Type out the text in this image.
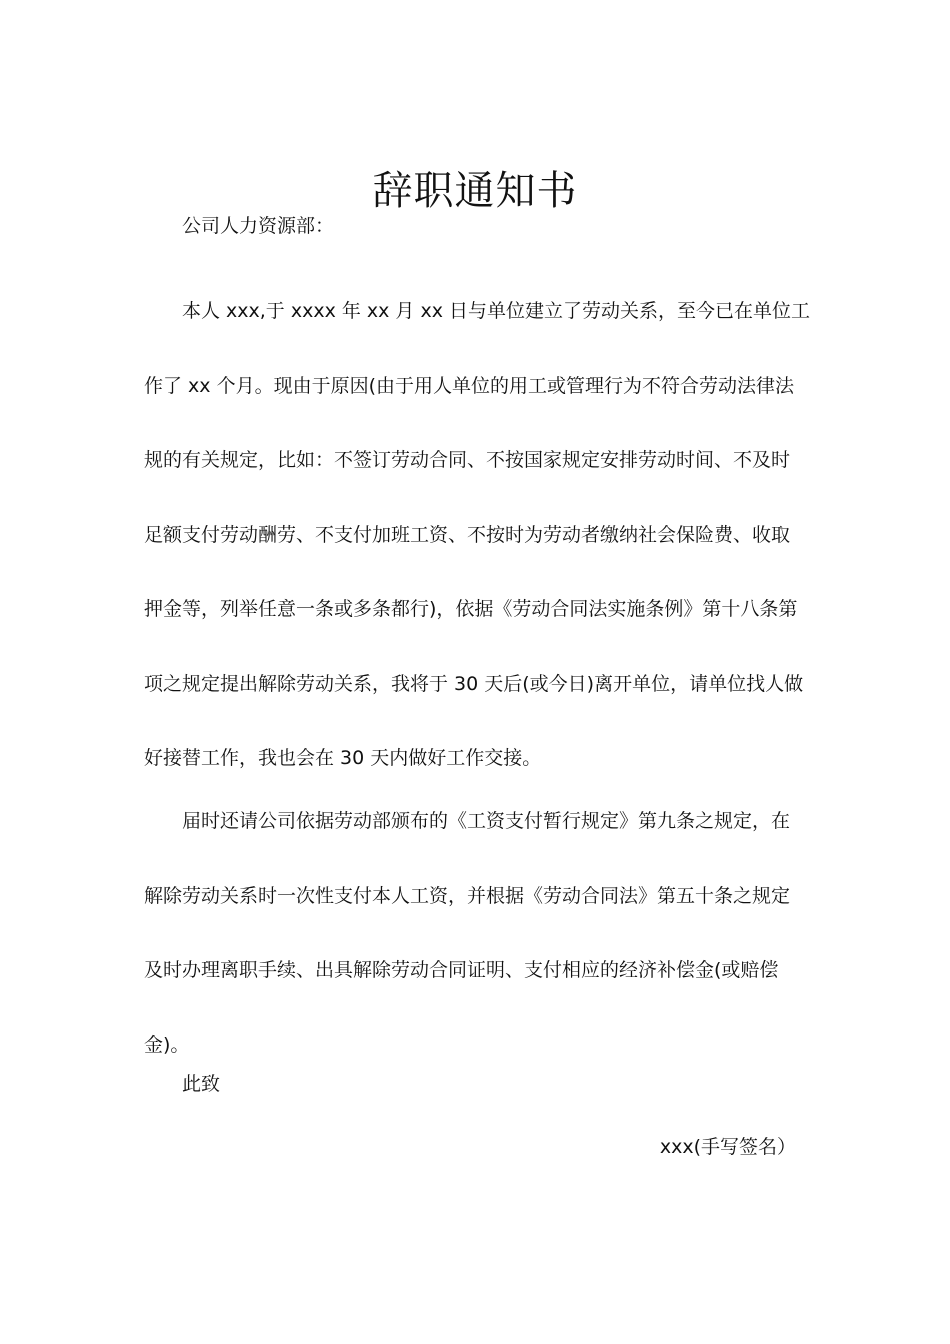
辞职通知书
公司人力资源部：
本人 xxx,于 xxxx 年 xx 月 xx 日与单位建立了劳动关系，至今已在单位工
作了 xx 个月。现由于原因(由于用人单位的用工或管理行为不符合劳动法律法
规的有关规定，比如：不签订劳动合同、不按国家规定安排劳动时间、不及时
足额支付劳动酬劳、不支付加班工资、不按时为劳动者缴纳社会保险费、收取
押金等，列举任意一条或多条都行)，依据《劳动合同法实施条例》第十八条第
项之规定提出解除劳动关系，我将于 30 天后(或今日)离开单位，请单位找人做
好接替工作，我也会在 30 天内做好工作交接。
届时还请公司依据劳动部颁布的《工资支付暂行规定》第九条之规定，在
解除劳动关系时一次性支付本人工资，并根据《劳动合同法》第五十条之规定
及时办理离职手续、出具解除劳动合同证明、支付相应的经济补偿金(或赔偿
金)。
此致
xxx(手写签名）
